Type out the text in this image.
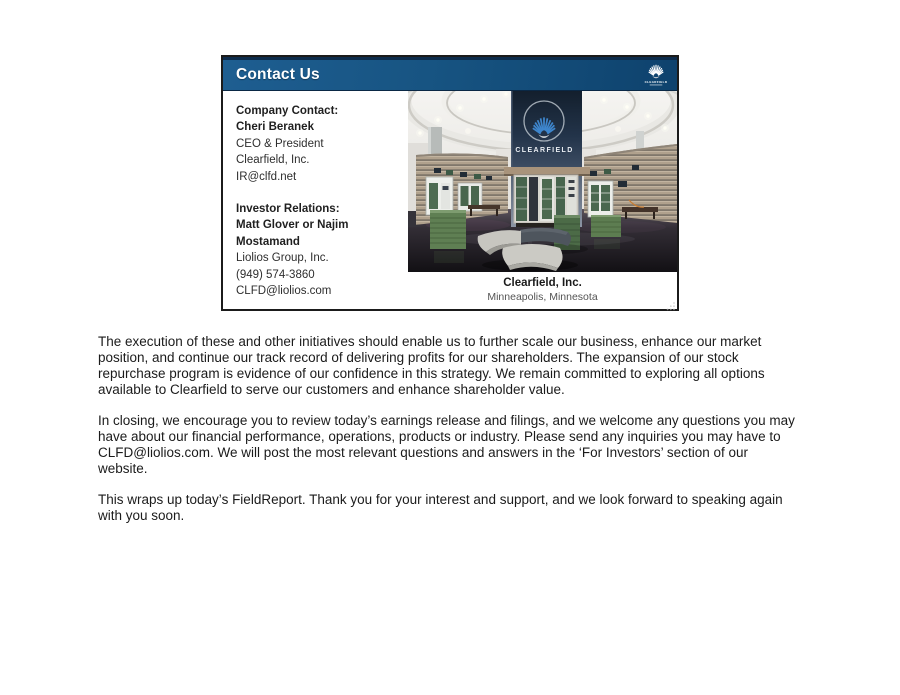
Contact Us	CLEARFIELD
Company Contact:
Cheri Beranek
CEO & President
Clearfield, Inc.
IR@clfd.net
Investor Relations:
Matt Glover or Najim Mostamand
Liolios Group, Inc.
(949) 574-3860
CLFD@liolios.com
CLEARFIELD
Clearfield, Inc.
Minneapolis, Minnesota

The execution of these and other initiatives should enable us to further scale our business, enhance our market position, and continue our track record of delivering profits for our shareholders. The expansion of our stock repurchase program is evidence of our confidence in this strategy. We remain committed to exploring all options available to Clearfield to serve our customers and enhance shareholder value.

In closing, we encourage you to review today’s earnings release and filings, and we welcome any questions you may have about our financial performance, operations, products or industry. Please send any inquiries you may have to CLFD@liolios.com. We will post the most relevant questions and answers in the ‘For Investors’ section of our website.

This wraps up today’s FieldReport. Thank you for your interest and support, and we look forward to speaking again with you soon.
